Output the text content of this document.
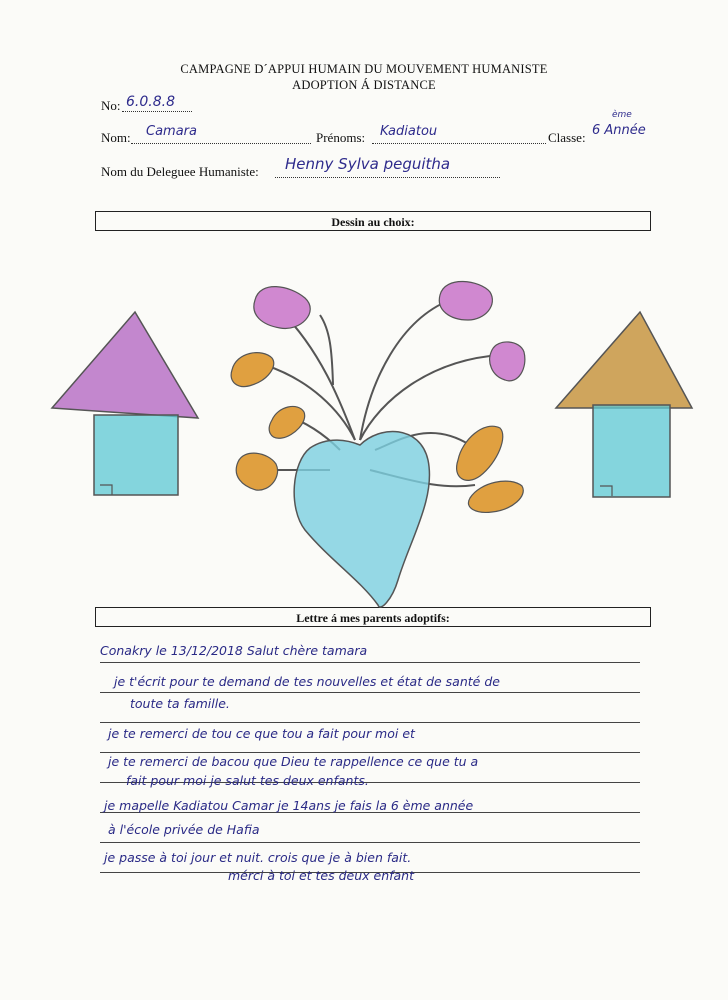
CAMPAGNE D´APPUI HUMAIN DU MOUVEMENT HUMANISTE
ADOPTION Á DISTANCE
No: 6.0.8.8
Nom: Camara	Prénoms: Kadiatou	Classe: 6 Année
ème
Nom du Deleguee Humaniste: Henny Sylva peguitha
Dessin au choix:
Lettre á mes parents adoptifs:
Conakry le 13/12/2018 Salut chère tamara
je t'écrit pour te demand de tes nouvelles et état de santé de
toute ta famille.
je te remerci de tou ce que tou a fait pour moi et
je te remerci de bacou que Dieu te rappellence ce que tu a
fait pour moi je salut tes deux enfants.
je mapelle Kadiatou Camar je 14ans je fais la 6 ème année
à l'école privée de Hafia
je passe à toi jour et nuit. crois que je à bien fait.
mérci à toi et tes deux enfant
